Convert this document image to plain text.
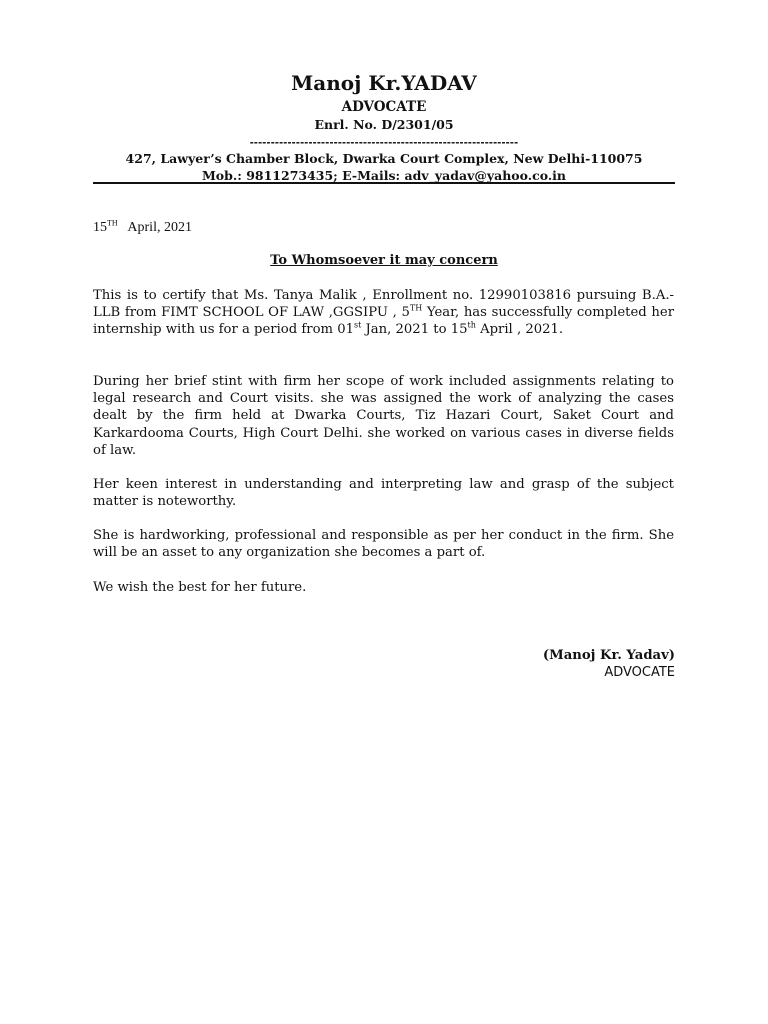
Manoj Kr.YADAV

ADVOCATE

Enrl. No. D/2301/05

----------------------------------------------------------------

427, Lawyer’s Chamber Block, Dwarka Court Complex, New Delhi-110075

Mob.: 9811273435; E-Mails: adv_yadav@yahoo.co.in

15TH April, 2021
To Whomsoever it may concern

This is to certify that Ms. Tanya Malik , Enrollment no. 12990103816 pursuing B.A.-LLB from FIMT SCHOOL OF LAW ,GGSIPU , 5TH Year, has successfully completed her internship with us for a period from 01st Jan, 2021 to 15th April , 2021.

During her brief stint with firm her scope of work included assignments relating to legal research and Court visits. she was assigned the work of analyzing the cases dealt by the firm held at Dwarka Courts, Tiz Hazari Court, Saket Court and Karkardooma Courts, High Court Delhi. she worked on various cases in diverse fields of law.

Her keen interest in understanding and interpreting law and grasp of the subject matter is noteworthy.

She is hardworking, professional and responsible as per her conduct in the firm. She will be an asset to any organization she becomes a part of.

We wish the best for her future.

(Manoj Kr. Yadav)
ADVOCATE
